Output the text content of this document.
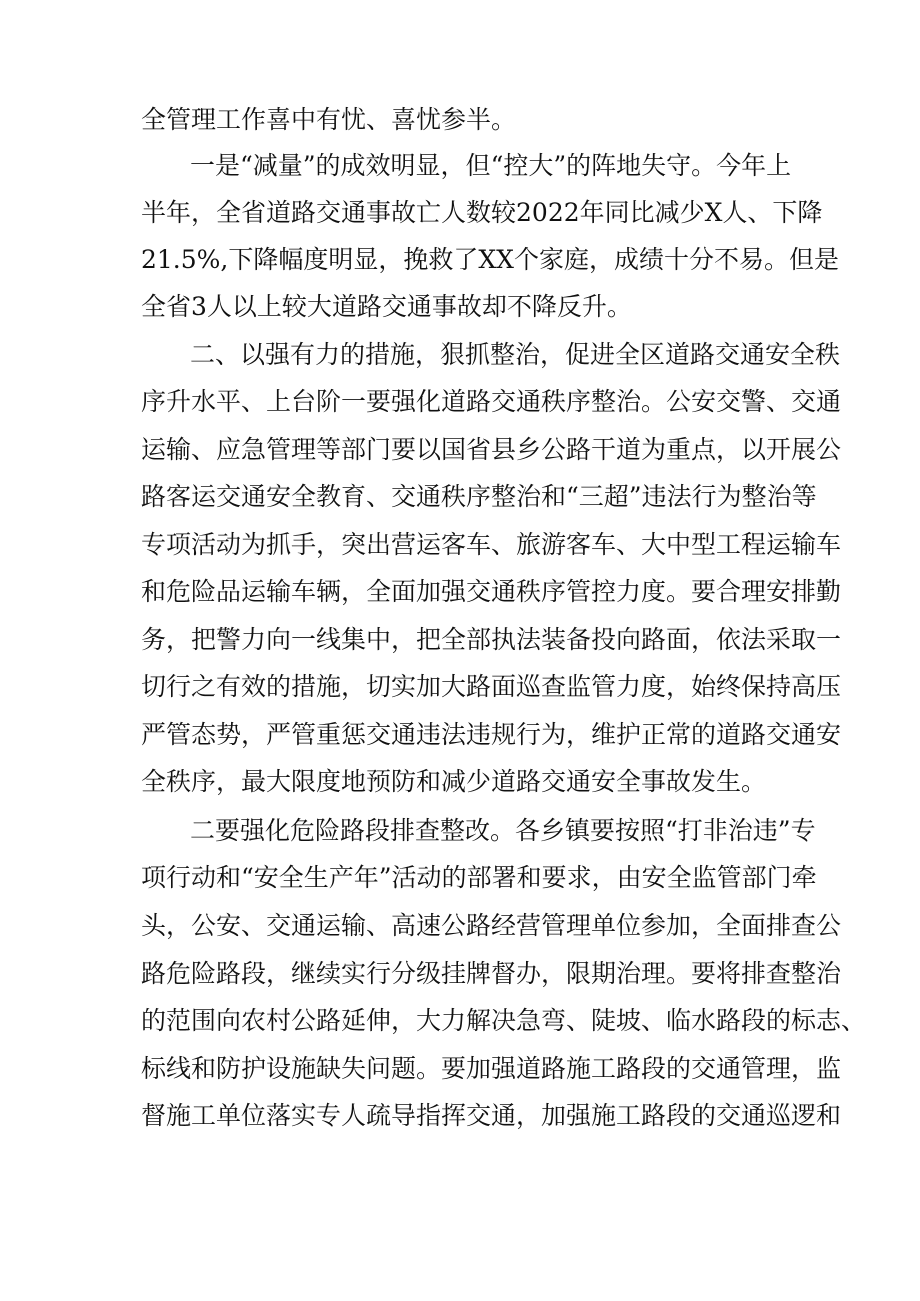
全管理工作喜中有忧、喜忧参半。
一是“减量”的成效明显，但“控大”的阵地失守。今年上
半年，全省道路交通事故亡人数较2022年同比减少X人、下降
21.5%,下降幅度明显，挽救了XX个家庭，成绩十分不易。但是
全省3人以上较大道路交通事故却不降反升。
二、以强有力的措施，狠抓整治，促进全区道路交通安全秩
序升水平、上台阶一要强化道路交通秩序整治。公安交警、交通
运输、应急管理等部门要以国省县乡公路干道为重点，以开展公
路客运交通安全教育、交通秩序整治和“三超”违法行为整治等
专项活动为抓手，突出营运客车、旅游客车、大中型工程运输车
和危险品运输车辆，全面加强交通秩序管控力度。要合理安排勤
务，把警力向一线集中，把全部执法装备投向路面，依法采取一
切行之有效的措施，切实加大路面巡查监管力度，始终保持高压
严管态势，严管重惩交通违法违规行为，维护正常的道路交通安
全秩序，最大限度地预防和减少道路交通安全事故发生。
二要强化危险路段排查整改。各乡镇要按照“打非治违”专
项行动和“安全生产年”活动的部署和要求，由安全监管部门牵
头，公安、交通运输、高速公路经营管理单位参加，全面排查公
路危险路段，继续实行分级挂牌督办，限期治理。要将排查整治
的范围向农村公路延伸，大力解决急弯、陡坡、临水路段的标志、
标线和防护设施缺失问题。要加强道路施工路段的交通管理，监
督施工单位落实专人疏导指挥交通，加强施工路段的交通巡逻和
